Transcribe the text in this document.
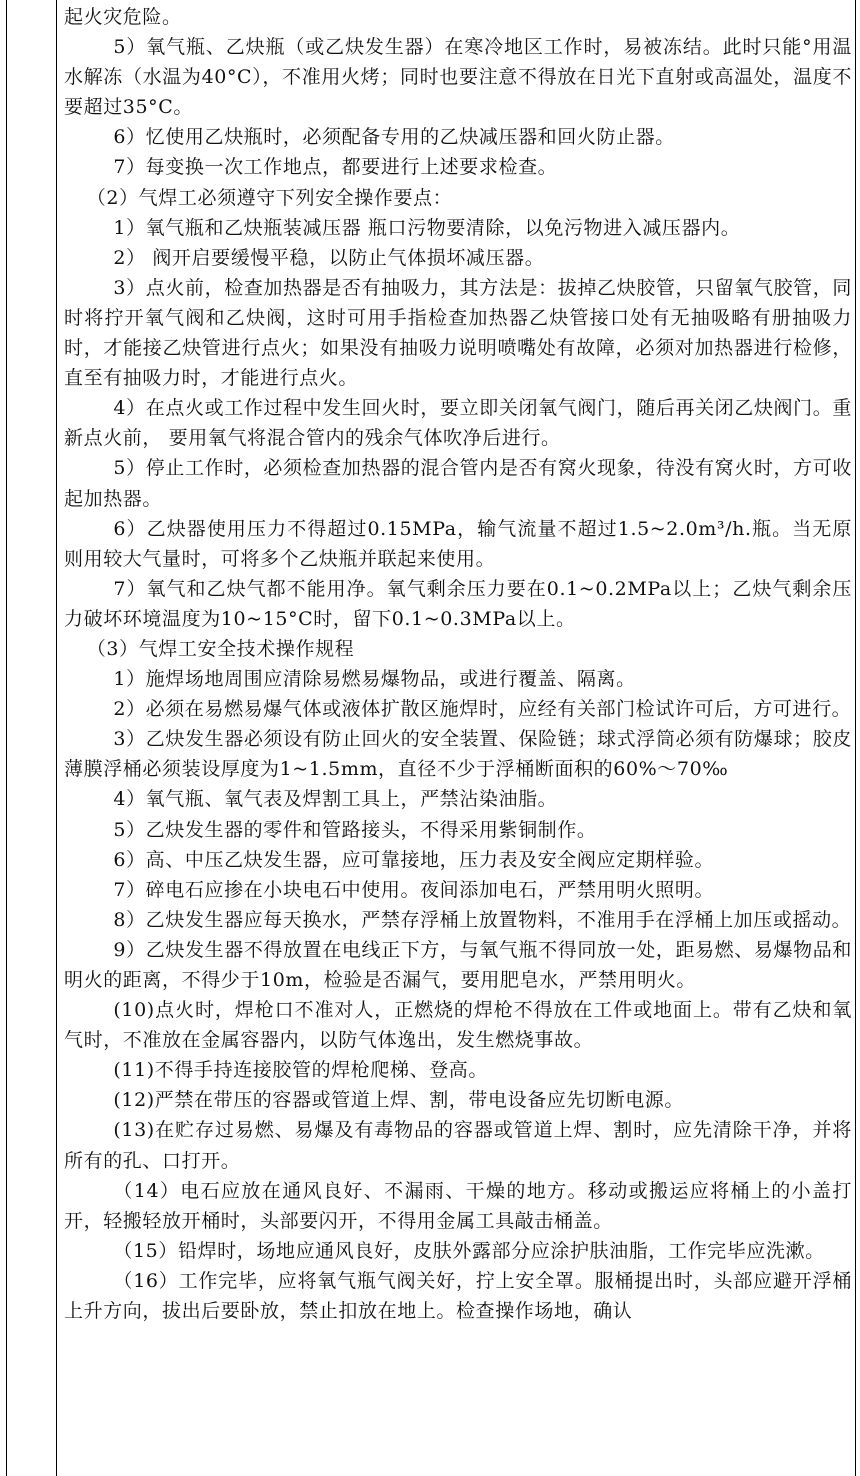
起火灾危险。

5）氧气瓶、乙炔瓶（或乙炔发生器）在寒冷地区工作时，易被冻结。此时只能°用温水解冻（水温为40°C），不准用火烤；同时也要注意不得放在日光下直射或高温处，温度不要超过35°C。

6）忆使用乙炔瓶时，必须配备专用的乙炔减压器和回火防止器。

7）每变换一次工作地点，都要进行上述要求检查。

（2）气焊工必须遵守下列安全操作要点：

1）氧气瓶和乙炔瓶装减压器 瓶口污物要清除，以免污物进入减压器内。

2） 阀开启要缓慢平稳，以防止气体损坏减压器。

3）点火前，检查加热器是否有抽吸力，其方法是：拔掉乙炔胶管，只留氧气胶管，同时将拧开氧气阀和乙炔阀，这时可用手指检查加热器乙炔管接口处有无抽吸略有册抽吸力时，才能接乙炔管进行点火；如果没有抽吸力说明喷嘴处有故障，必须对加热器进行检修，直至有抽吸力时，才能进行点火。

4）在点火或工作过程中发生回火时，要立即关闭氧气阀门，随后再关闭乙炔阀门。重新点火前， 要用氧气将混合管内的残余气体吹净后进行。

5）停止工作时，必须检查加热器的混合管内是否有窝火现象，待没有窝火时，方可收起加热器。

6）乙炔器使用压力不得超过0.15MPa，输气流量不超过1.5~2.0m³/h.瓶。当无原则用较大气量时，可将多个乙炔瓶并联起来使用。

7）氧气和乙炔气都不能用净。氧气剩余压力要在0.1~0.2MPa以上；乙炔气剩余压力破坏环境温度为10~15°C时，留下0.1~0.3MPa以上。

（3）气焊工安全技术操作规程

1）施焊场地周围应清除易燃易爆物品，或进行覆盖、隔离。

2）必须在易燃易爆气体或液体扩散区施焊时，应经有关部门检试许可后，方可进行。

3）乙炔发生器必须设有防止回火的安全装置、保险链；球式浮筒必须有防爆球；胶皮薄膜浮桶必须装设厚度为1~1.5mm，直径不少于浮桶断面积的60%～70‰

4）氧气瓶、氧气表及焊割工具上，严禁沾染油脂。

5）乙炔发生器的零件和管路接头，不得采用紫铜制作。

6）高、中压乙炔发生器，应可靠接地，压力表及安全阀应定期样验。

7）碎电石应掺在小块电石中使用。夜间添加电石，严禁用明火照明。

8）乙炔发生器应每天换水，严禁存浮桶上放置物料，不准用手在浮桶上加压或摇动。

9）乙炔发生器不得放置在电线正下方，与氧气瓶不得同放一处，距易燃、易爆物品和明火的距离，不得少于10m，检验是否漏气，要用肥皂水，严禁用明火。

(10)点火时，焊枪口不准对人，正燃烧的焊枪不得放在工件或地面上。带有乙炔和氧气时，不准放在金属容器内，以防气体逸出，发生燃烧事故。

(11)不得手持连接胶管的焊枪爬梯、登高。

(12)严禁在带压的容器或管道上焊、割，带电设备应先切断电源。

(13)在贮存过易燃、易爆及有毒物品的容器或管道上焊、割时，应先清除干净，并将所有的孔、口打开。

（14）电石应放在通风良好、不漏雨、干燥的地方。移动或搬运应将桶上的小盖打开，轻搬轻放开桶时，头部要闪开，不得用金属工具敲击桶盖。

（15）铅焊时，场地应通风良好，皮肤外露部分应涂护肤油脂，工作完毕应洗漱。

（16）工作完毕，应将氧气瓶气阀关好，拧上安全罩。服桶提出时，头部应避开浮桶上升方向，拔出后要卧放，禁止扣放在地上。检查操作场地，确认
